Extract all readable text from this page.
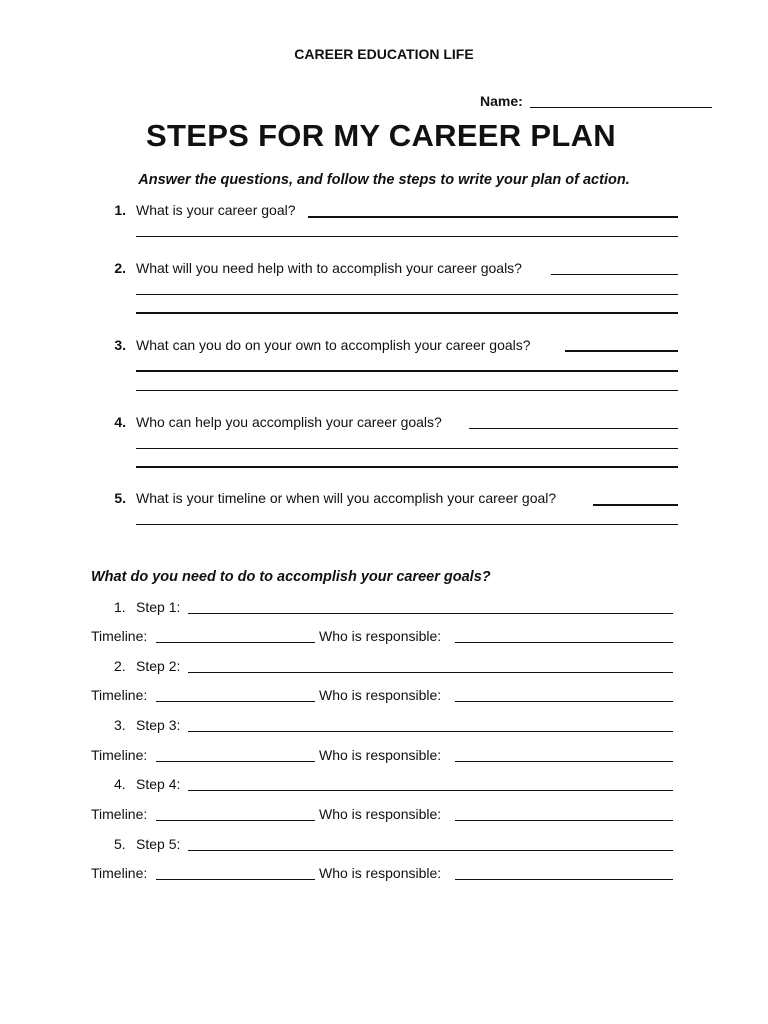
CAREER EDUCATION LIFE
Name:
STEPS FOR MY CAREER PLAN
Answer the questions, and follow the steps to write your plan of action.
1. What is your career goal?
2. What will you need help with to accomplish your career goals?
3. What can you do on your own to accomplish your career goals?
4. Who can help you accomplish your career goals?
5. What is your timeline or when will you accomplish your career goal?
What do you need to do to accomplish your career goals?
1. Step 1:
Timeline:	Who is responsible:
2. Step 2:
Timeline:	Who is responsible:
3. Step 3:
Timeline:	Who is responsible:
4. Step 4:
Timeline:	Who is responsible:
5. Step 5:
Timeline:	Who is responsible:
